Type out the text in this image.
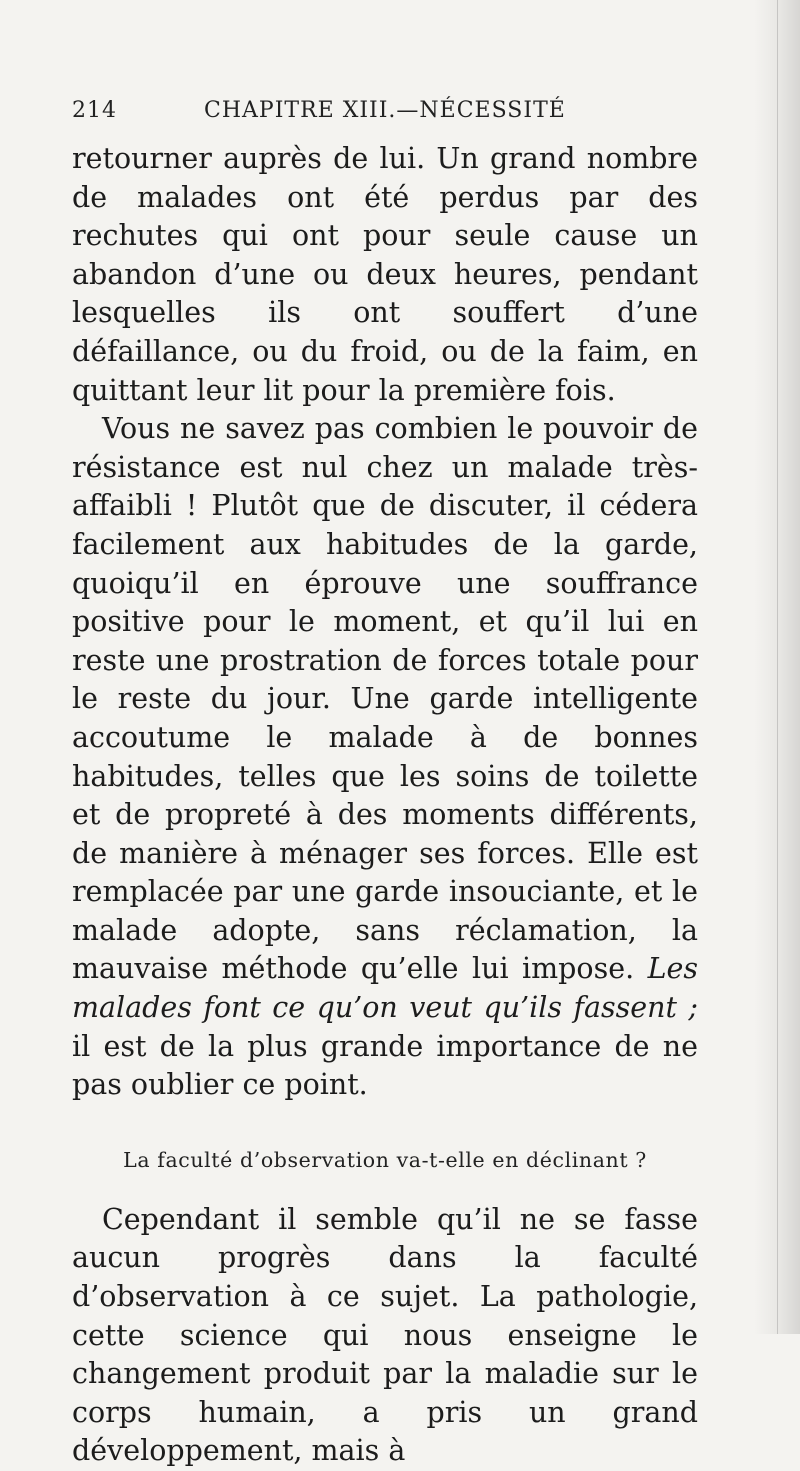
214	CHAPITRE XIII.—NÉCESSITÉ

retourner auprès de lui. Un grand nombre de malades ont été perdus par des rechutes qui ont pour seule cause un abandon d’une ou deux heures, pendant lesquelles ils ont souffert d’une défaillance, ou du froid, ou de la faim, en quittant leur lit pour la première fois.

Vous ne savez pas combien le pouvoir de résistance est nul chez un malade très-affaibli ! Plutôt que de discuter, il cédera facilement aux habitudes de la garde, quoiqu’il en éprouve une souffrance positive pour le moment, et qu’il lui en reste une prostration de forces totale pour le reste du jour. Une garde intelligente accoutume le malade à de bonnes habitudes, telles que les soins de toilette et de propreté à des moments différents, de manière à ménager ses forces. Elle est remplacée par une garde insouciante, et le malade adopte, sans réclamation, la mauvaise méthode qu’elle lui impose. Les malades font ce qu’on veut qu’ils fassent ; il est de la plus grande importance de ne pas oublier ce point.

La faculté d’observation va-t-elle en déclinant ?

Cependant il semble qu’il ne se fasse aucun progrès dans la faculté d’observation à ce sujet. La pathologie, cette science qui nous enseigne le changement produit par la maladie sur le corps humain, a pris un grand développement, mais à
